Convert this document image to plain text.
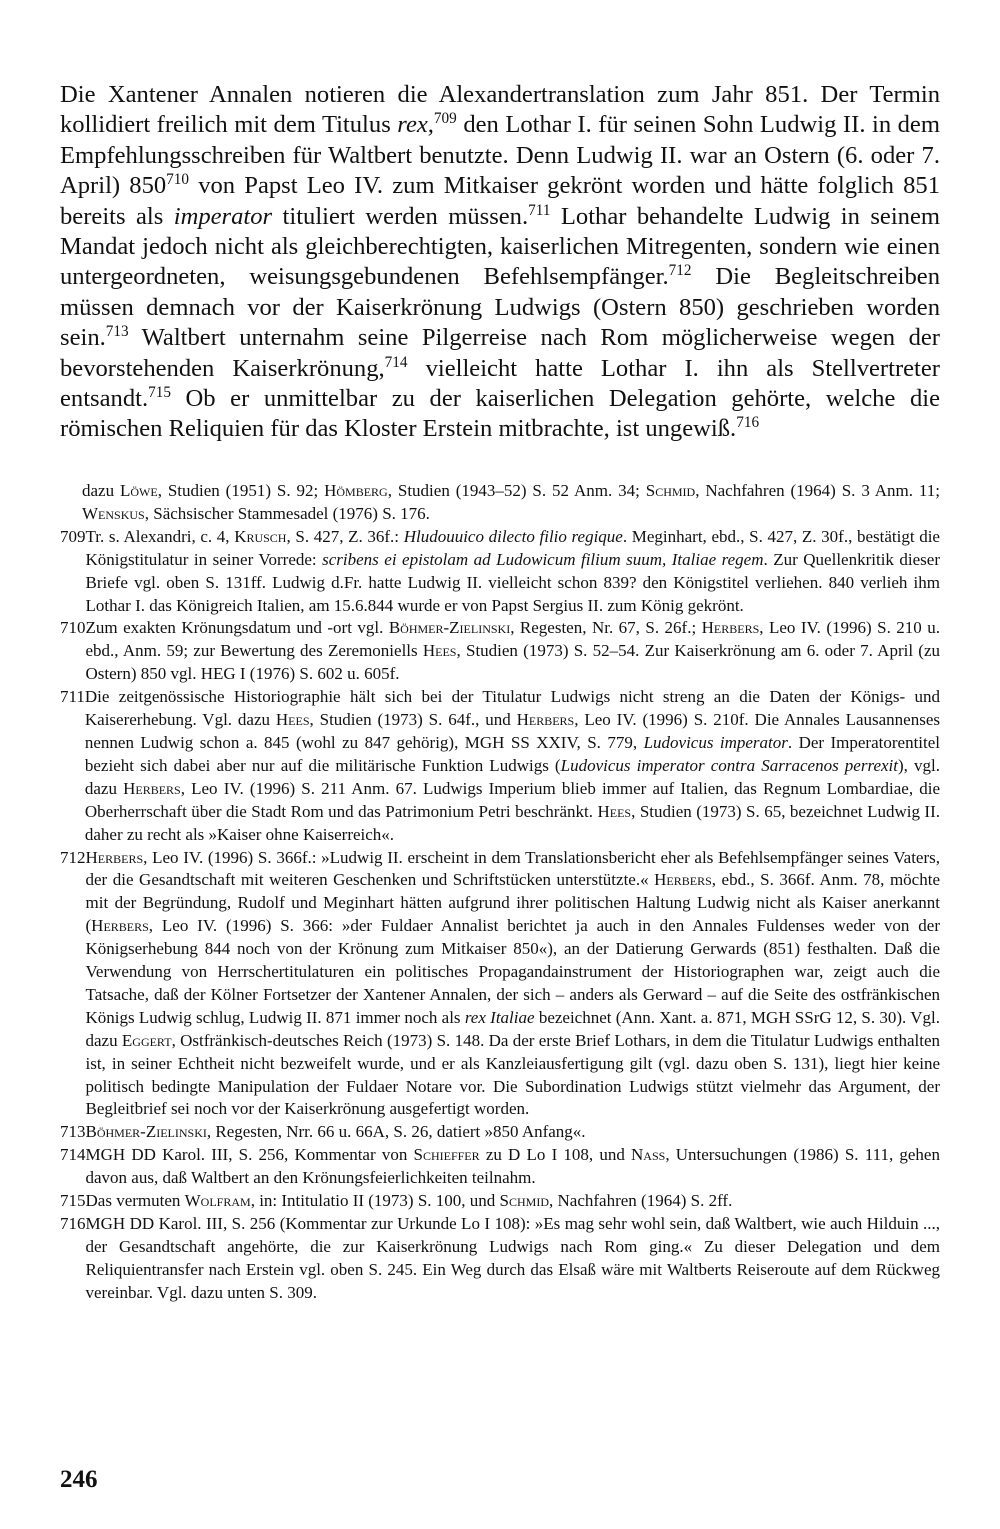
Die Xantener Annalen notieren die Alexandertranslation zum Jahr 851. Der Termin kollidiert freilich mit dem Titulus rex,$^{709}$ den Lothar I. für seinen Sohn Ludwig II. in dem Empfehlungsschreiben für Waltbert benutzte. Denn Ludwig II. war an Ostern (6. oder 7. April) $850^{710}$ von Papst Leo IV. zum Mitkaiser gekrönt worden und hätte folglich 851 bereits als imperator tituliert werden müssen.$^{711}$ Lothar behandelte Ludwig in seinem Mandat jedoch nicht als gleichberechtigten, kaiserlichen Mitregenten, sondern wie einen untergeordneten, weisungsgebundenen Befehlsempfänger.$^{712}$ Die Begleitschreiben müssen demnach vor der Kaiserkrönung Ludwigs (Ostern 850) geschrieben worden sein.$^{713}$ Waltbert unternahm seine Pilgerreise nach Rom möglicherweise wegen der bevorstehenden Kaiserkrönung,$^{714}$ vielleicht hatte Lothar I. ihn als Stellvertreter entsandt.$^{715}$ Ob er unmittelbar zu der kaiserlichen Delegation gehörte, welche die römischen Reliquien für das Kloster Erstein mitbrachte, ist ungewiß.$^{716}$

dazu Löwe, Studien (1951) S. 92; Hömberg, Studien (1943–52) S. 52 Anm. 34; Schmid, Nachfahren (1964) S. 3 Anm. 11; Wenskus, Sächsischer Stammesadel (1976) S. 176.
709 Tr. s. Alexandri, c. 4, Krusch, S. 427, Z. 36f.: Hludouuico dilecto filio regique. Meginhart, ebd., S. 427, Z. 30f., bestätigt die Königstitulatur in seiner Vorrede: scribens ei epistolam ad Ludowicum filium suum, Italiae regem. Zur Quellenkritik dieser Briefe vgl. oben S. 131ff. Ludwig d.Fr. hatte Ludwig II. vielleicht schon 839? den Königstitel verliehen. 840 verlieh ihm Lothar I. das Königreich Italien, am 15.6.844 wurde er von Papst Sergius II. zum König gekrönt.
710 Zum exakten Krönungsdatum und -ort vgl. Böhmer-Zielinski, Regesten, Nr. 67, S. 26f.; Herbers, Leo IV. (1996) S. 210 u. ebd., Anm. 59; zur Bewertung des Zeremoniells Hees, Studien (1973) S. 52–54. Zur Kaiserkrönung am 6. oder 7. April (zu Ostern) 850 vgl. HEG I (1976) S. 602 u. 605f.
711 Die zeitgenössische Historiographie hält sich bei der Titulatur Ludwigs nicht streng an die Daten der Königs- und Kaisererhebung. Vgl. dazu Hees, Studien (1973) S. 64f., und Herbers, Leo IV. (1996) S. 210f. Die Annales Lausannenses nennen Ludwig schon a. 845 (wohl zu 847 gehörig), MGH SS XXIV, S. 779, Ludovicus imperator. Der Imperatorentitel bezieht sich dabei aber nur auf die militärische Funktion Ludwigs (Ludovicus imperator contra Sarracenos perrexit), vgl. dazu Herbers, Leo IV. (1996) S. 211 Anm. 67. Ludwigs Imperium blieb immer auf Italien, das Regnum Lombardiae, die Oberherrschaft über die Stadt Rom und das Patrimonium Petri beschränkt. Hees, Studien (1973) S. 65, bezeichnet Ludwig II. daher zu recht als »Kaiser ohne Kaiserreich«.
712 Herbers, Leo IV. (1996) S. 366f.: »Ludwig II. erscheint in dem Translationsbericht eher als Befehlsempfänger seines Vaters, der die Gesandtschaft mit weiteren Geschenken und Schriftstücken unterstützte.« Herbers, ebd., S. 366f. Anm. 78, möchte mit der Begründung, Rudolf und Meginhart hätten aufgrund ihrer politischen Haltung Ludwig nicht als Kaiser anerkannt (Herbers, Leo IV. (1996) S. 366: »der Fuldaer Annalist berichtet ja auch in den Annales Fuldenses weder von der Königserhebung 844 noch von der Krönung zum Mitkaiser 850«), an der Datierung Gerwards (851) festhalten. Daß die Verwendung von Herrschertitulaturen ein politisches Propagandainstrument der Historiographen war, zeigt auch die Tatsache, daß der Kölner Fortsetzer der Xantener Annalen, der sich – anders als Gerward – auf die Seite des ostfränkischen Königs Ludwig schlug, Ludwig II. 871 immer noch als rex Italiae bezeichnet (Ann. Xant. a. 871, MGH SSrG 12, S. 30). Vgl. dazu Eggert, Ostfränkisch-deutsches Reich (1973) S. 148. Da der erste Brief Lothars, in dem die Titulatur Ludwigs enthalten ist, in seiner Echtheit nicht bezweifelt wurde, und er als Kanzleiausfertigung gilt (vgl. dazu oben S. 131), liegt hier keine politisch bedingte Manipulation der Fuldaer Notare vor. Die Subordination Ludwigs stützt vielmehr das Argument, der Begleitbrief sei noch vor der Kaiserkrönung ausgefertigt worden.
713 Böhmer-Zielinski, Regesten, Nrr. 66 u. 66A, S. 26, datiert »850 Anfang«.
714 MGH DD Karol. III, S. 256, Kommentar von Schieffer zu D Lo I 108, und Nass, Untersuchungen (1986) S. 111, gehen davon aus, daß Waltbert an den Krönungsfeierlichkeiten teilnahm.
715 Das vermuten Wolfram, in: Intitulatio II (1973) S. 100, und Schmid, Nachfahren (1964) S. 2ff.
716 MGH DD Karol. III, S. 256 (Kommentar zur Urkunde Lo I 108): »Es mag sehr wohl sein, daß Waltbert, wie auch Hilduin ..., der Gesandtschaft angehörte, die zur Kaiserkrönung Ludwigs nach Rom ging.« Zu dieser Delegation und dem Reliquientransfer nach Erstein vgl. oben S. 245. Ein Weg durch das Elsaß wäre mit Waltberts Reiseroute auf dem Rückweg vereinbar. Vgl. dazu unten S. 309.
246
